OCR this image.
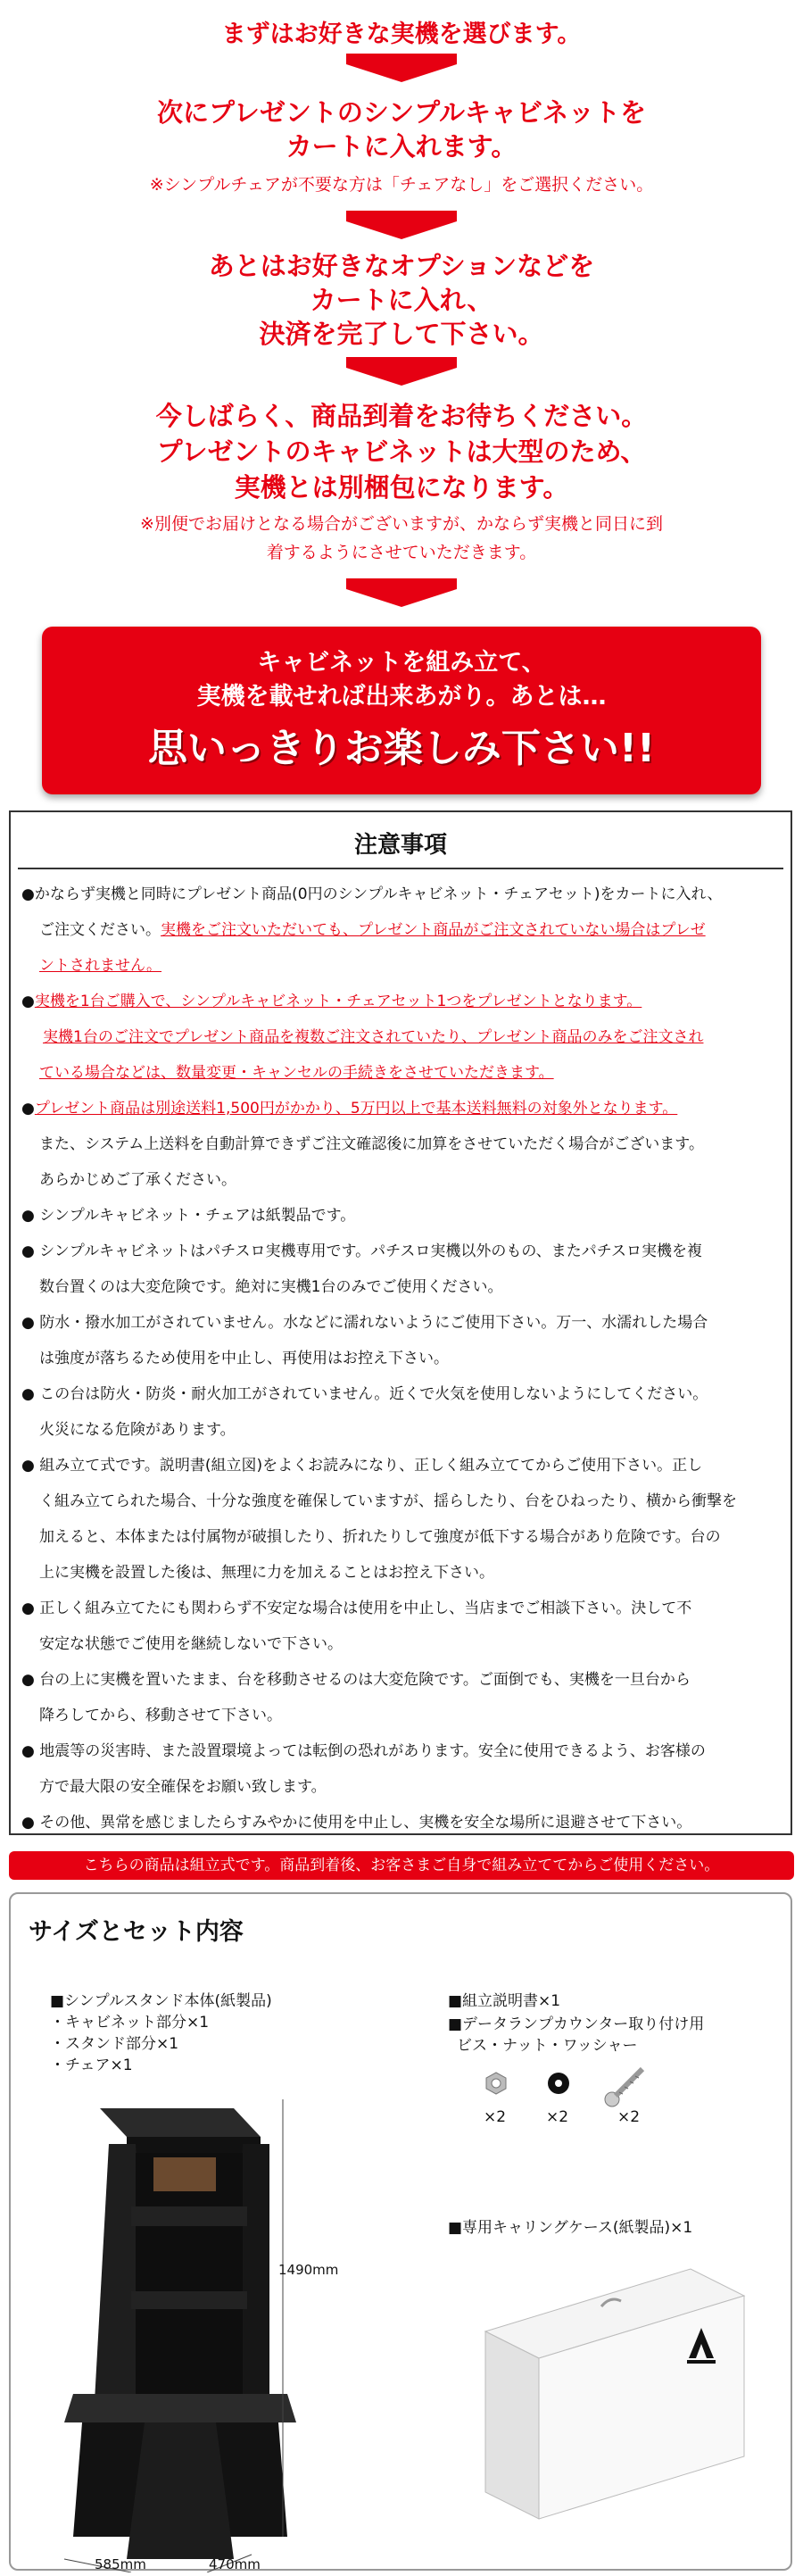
まずはお好きな実機を選びます。
次にプレゼントのシンプルキャビネットを
カートに入れます。
※シンプルチェアが不要な方は「チェアなし」をご選択ください。
あとはお好きなオプションなどを
カートに入れ、
決済を完了して下さい。
今しばらく、商品到着をお待ちください。
プレゼントのキャビネットは大型のため、
実機とは別梱包になります。
※別便でお届けとなる場合がございますが、かならず実機と同日に到
着するようにさせていただきます。
キャビネットを組み立て、
実機を載せれば出来あがり。あとは…
思いっきりお楽しみ下さい!!
注意事項

●かならず実機と同時にプレゼント商品(0円のシンプルキャビネット・チェアセット)をカートに入れ、

ご注文ください。実機をご注文いただいても、プレゼント商品がご注文されていない場合はプレゼ

ントされません。

●実機を1台ご購入で、シンプルキャビネット・チェアセット1つをプレゼントとなります。

実機1台のご注文でプレゼント商品を複数ご注文されていたり、プレゼント商品のみをご注文され

ている場合などは、数量変更・キャンセルの手続きをさせていただきます。

●プレゼント商品は別途送料1,500円がかかり、5万円以上で基本送料無料の対象外となります。

また、システム上送料を自動計算できずご注文確認後に加算をさせていただく場合がございます。

あらかじめご了承ください。

● シンプルキャビネット・チェアは紙製品です。

● シンプルキャビネットはパチスロ実機専用です。パチスロ実機以外のもの、またパチスロ実機を複

数台置くのは大変危険です。絶対に実機1台のみでご使用ください。

● 防水・撥水加工がされていません。水などに濡れないようにご使用下さい。万一、水濡れした場合

は強度が落ちるため使用を中止し、再使用はお控え下さい。

● この台は防火・防炎・耐火加工がされていません。近くで火気を使用しないようにしてください。

火災になる危険があります。

● 組み立て式です。説明書(組立図)をよくお読みになり、正しく組み立ててからご使用下さい。正し

く組み立てられた場合、十分な強度を確保していますが、揺らしたり、台をひねったり、横から衝撃を

加えると、本体または付属物が破損したり、折れたりして強度が低下する場合があり危険です。台の

上に実機を設置した後は、無理に力を加えることはお控え下さい。

● 正しく組み立てたにも関わらず不安定な場合は使用を中止し、当店までご相談下さい。決して不

安定な状態でご使用を継続しないで下さい。

● 台の上に実機を置いたまま、台を移動させるのは大変危険です。ご面倒でも、実機を一旦台から

降ろしてから、移動させて下さい。

● 地震等の災害時、また設置環境よっては転倒の恐れがあります。安全に使用できるよう、お客様の

方で最大限の安全確保をお願い致します。

● その他、異常を感じましたらすみやかに使用を中止し、実機を安全な場所に退避させて下さい。

こちらの商品は組立式です。商品到着後、お客さまご自身で組み立ててからご使用ください。
サイズとセット内容
■シンプルスタンド本体(紙製品)
・キャビネット部分×1
・スタンド部分×1
・チェア×1
1490mm
585mm	470mm
■組立説明書×1
■データランプカウンター取り付け用
ビス・ナット・ワッシャー
×2	×2	×2
■専用キャリングケース(紙製品)×1
